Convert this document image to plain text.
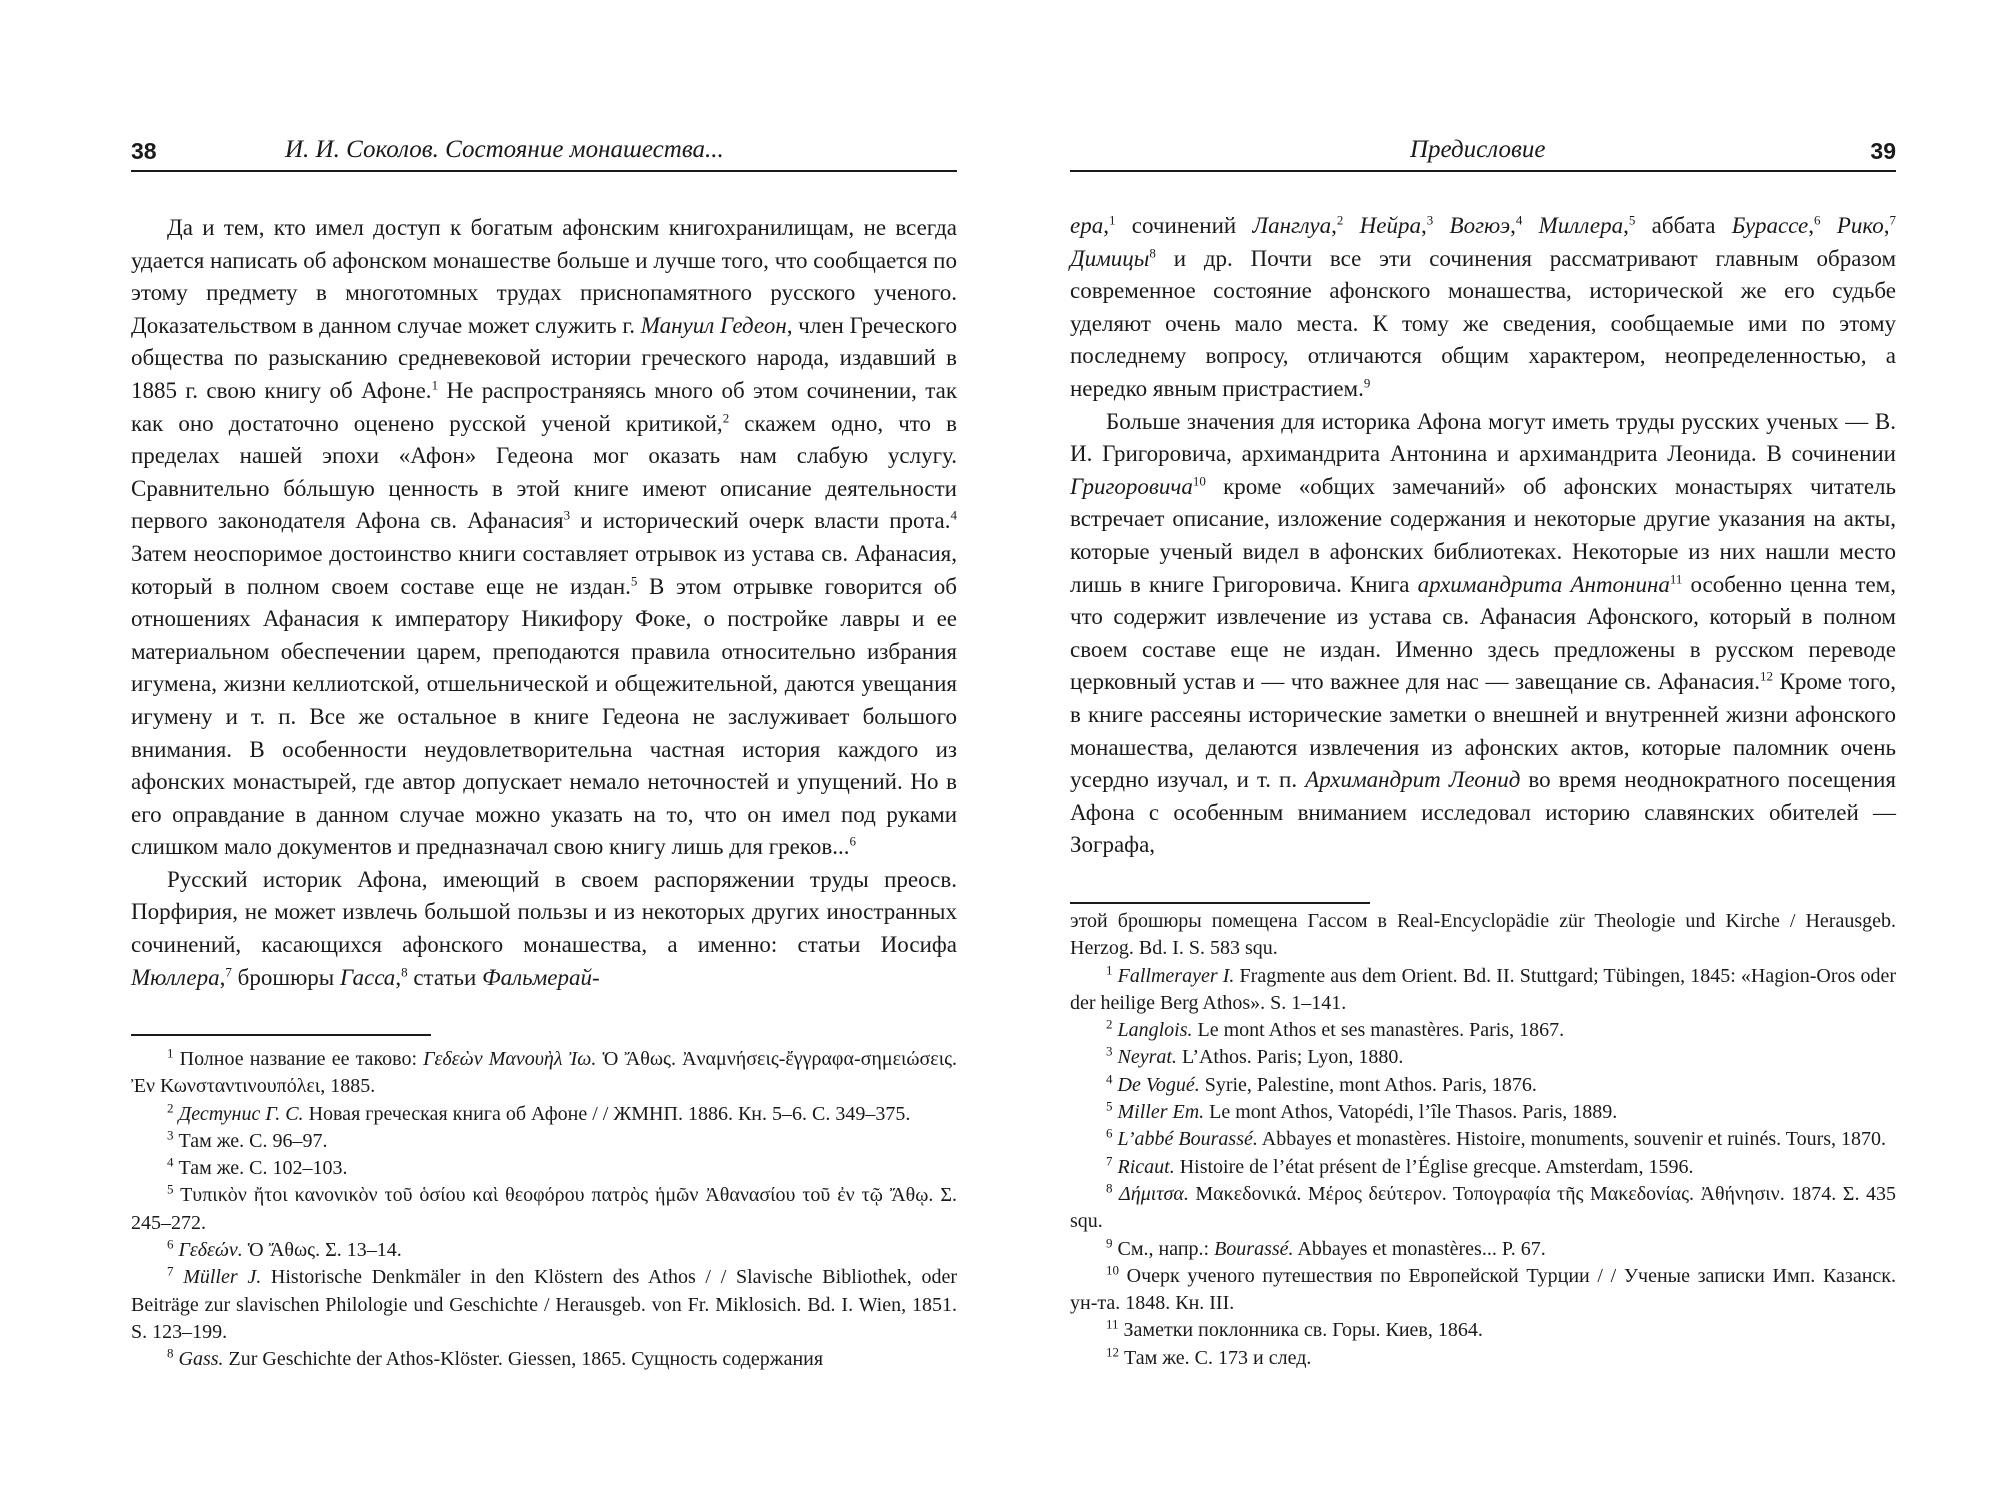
38	И. И. Соколов. Состояние монашества...

Да и тем, кто имел доступ к богатым афонским книгохранилищам, не всегда удается написать об афонском монашестве больше и лучше того, что сообщается по этому предмету в многотомных трудах приснопамятного русского ученого. Доказательством в данном случае может служить г. Мануил Гедеон, член Греческого общества по разысканию средневековой истории греческого народа, издавший в 1885 г. свою книгу об Афоне.$^1$ Не распространяясь много об этом сочинении, так как оно достаточно оценено русской ученой критикой,$^2$ скажем одно, что в пределах нашей эпохи «Афон» Гедеона мог оказать нам слабую услугу. Сравнительно бóльшую ценность в этой книге имеют описание деятельности первого законодателя Афона св. Афанасия$^3$ и исторический очерк власти прота.$^4$ Затем неоспоримое достоинство книги составляет отрывок из устава св. Афанасия, который в полном своем составе еще не издан.$^5$ В этом отрывке говорится об отношениях Афанасия к императору Никифору Фоке, о постройке лавры и ее материальном обеспечении царем, преподаются правила относительно избрания игумена, жизни келлиотской, отшельнической и общежительной, даются увещания игумену и т. п. Все же остальное в книге Гедеона не заслуживает большого внимания. В особенности неудовлетворительна частная история каждого из афонских монастырей, где автор допускает немало неточностей и упущений. Но в его оправдание в данном случае можно указать на то, что он имел под руками слишком мало документов и предназначал свою книгу лишь для греков...$^6$

Русский историк Афона, имеющий в своем распоряжении труды преосв. Порфирия, не может извлечь большой пользы и из некоторых других иностранных сочинений, касающихся афонского монашества, а именно: статьи Иосифа Мюллера,$^7$ брошюры Гасса,$^8$ статьи Фальмерай-

$^1$ Полное название ее таково: Γεδεὼν Μανουὴλ Ἰω. Ὁ Ἄθως. Ἀναμνήσεις-ἔγγραφα-σημειώσεις. Ἐν Κωνσταντινουπόλει, 1885.

$^2$ Дестунис Г. С. Новая греческая книга об Афоне / / ЖМНП. 1886. Кн. 5–6. С. 349–375.

$^3$ Там же. С. 96–97.

$^4$ Там же. С. 102–103.

$^5$ Τυπικὸν ἤτοι κανονικὸν τοῦ ὁσίου καὶ θεοφόρου πατρὸς ἡμῶν Ἀθανασίου τοῦ ἐν τῷ Ἄθῳ. Σ. 245–272.

$^6$ Γεδεών. Ὁ Ἄθως. Σ. 13–14.

$^7$ Müller J. Historische Denkmäler in den Klöstern des Athos / / Slavische Bibliothek, oder Beiträge zur slavischen Philologie und Geschichte / Herausgeb. von Fr. Miklosich. Bd. I. Wien, 1851. S. 123–199.

$^8$ Gass. Zur Geschichte der Athos-Klöster. Giessen, 1865. Сущность содержания

Предисловие	39

ера,$^1$ сочинений Ланглуа,$^2$ Нейра,$^3$ Вогюэ,$^4$ Миллера,$^5$ аббата Бурассе,$^6$ Рико,$^7$ Димицы$^8$ и др. Почти все эти сочинения рассматривают главным образом современное состояние афонского монашества, исторической же его судьбе уделяют очень мало места. К тому же сведения, сообщаемые ими по этому последнему вопросу, отличаются общим характером, неопределенностью, а нередко явным пристрастием.$^9$

Больше значения для историка Афона могут иметь труды русских ученых — В. И. Григоровича, архимандрита Антонина и архимандрита Леонида. В сочинении Григоровича$^{10}$ кроме «общих замечаний» об афонских монастырях читатель встречает описание, изложение содержания и некоторые другие указания на акты, которые ученый видел в афонских библиотеках. Некоторые из них нашли место лишь в книге Григоровича. Книга архимандрита Антонина$^{11}$ особенно ценна тем, что содержит извлечение из устава св. Афанасия Афонского, который в полном своем составе еще не издан. Именно здесь предложены в русском переводе церковный устав и — что важнее для нас — завещание св. Афанасия.$^{12}$ Кроме того, в книге рассеяны исторические заметки о внешней и внутренней жизни афонского монашества, делаются извлечения из афонских актов, которые паломник очень усердно изучал, и т. п. Архимандрит Леонид во время неоднократного посещения Афона с особенным вниманием исследовал историю славянских обителей — Зографа,

этой брошюры помещена Гассом в Real-Encyclopädie zür Theologie und Kirche / Herausgeb. Herzog. Bd. I. S. 583 squ.

$^1$ Fallmerayer I. Fragmente aus dem Orient. Bd. II. Stuttgard; Tübingen, 1845: «Hagion-Oros oder der heilige Berg Athos». S. 1–141.

$^2$ Langlois. Le mont Athos et ses manastères. Paris, 1867.

$^3$ Neyrat. L’Athos. Paris; Lyon, 1880.

$^4$ De Vogué. Syrie, Palestine, mont Athos. Paris, 1876.

$^5$ Miller Em. Le mont Athos, Vatopédi, l’île Thasos. Paris, 1889.

$^6$ L’abbé Bourassé. Abbayes et monastères. Histoire, monuments, souvenir et ruinés. Tours, 1870.

$^7$ Ricaut. Histoire de l’état présent de l’Église grecque. Amsterdam, 1596.

$^8$ Δήμιτσα. Μακεδονικά. Μέρος δεύτερον. Τοπογραφία τῆς Μακεδονίας. Ἀθήνησιν. 1874. Σ. 435 squ.

$^9$ См., напр.: Bourassé. Abbayes et monastères... P. 67.

$^{10}$ Очерк ученого путешествия по Европейской Турции / / Ученые записки Имп. Казанск. ун-та. 1848. Кн. III.

$^{11}$ Заметки поклонника св. Горы. Киев, 1864.

$^{12}$ Там же. С. 173 и след.
